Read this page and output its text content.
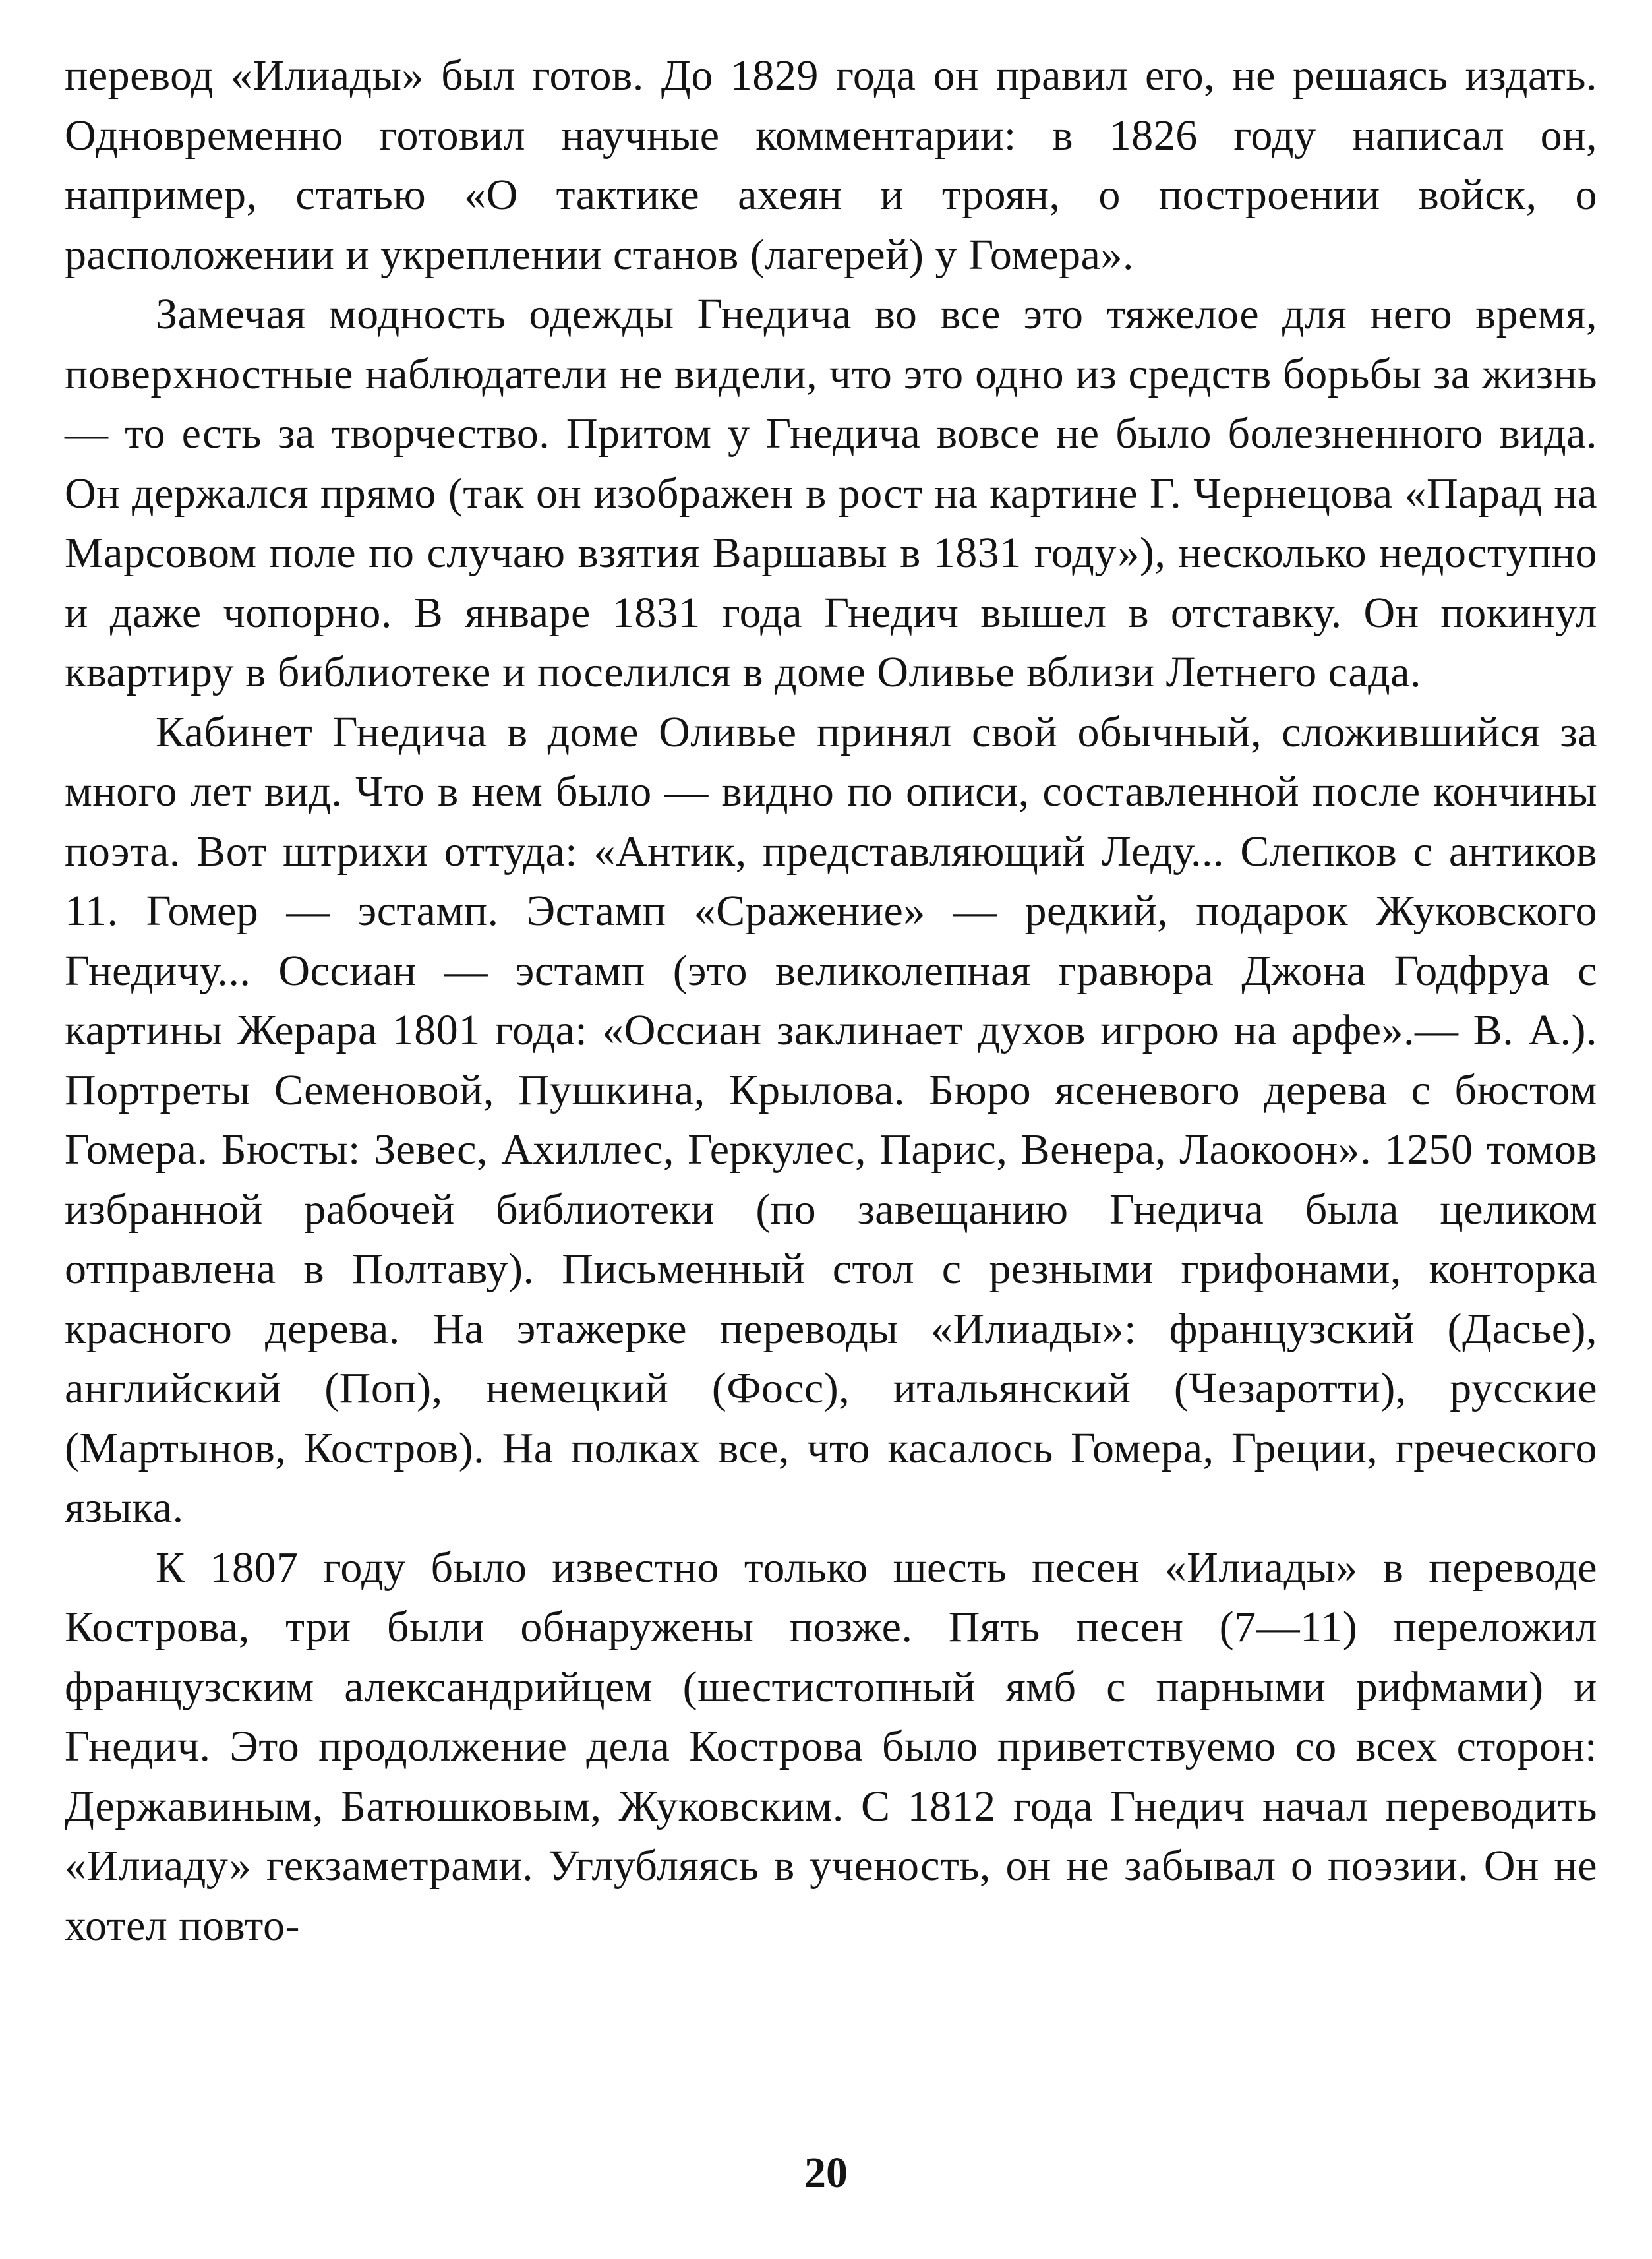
перевод «Илиады» был готов. До 1829 года он правил его, не решаясь издать. Одновременно готовил научные комментарии: в 1826 году написал он, например, статью «О тактике ахеян и троян, о построении войск, о расположении и укреплении станов (лагерей) у Гомера».

Замечая модность одежды Гнедича во все это тяжелое для него время, поверхностные наблюдатели не видели, что это одно из средств борьбы за жизнь — то есть за творчество. Притом у Гнедича вовсе не было болезненного вида. Он держался прямо (так он изображен в рост на картине Г. Чернецова «Парад на Марсовом поле по случаю взятия Варшавы в 1831 году»), несколько недоступно и даже чопорно. В январе 1831 года Гнедич вышел в отставку. Он покинул квартиру в библиотеке и поселился в доме Оливье вблизи Летнего сада.

Кабинет Гнедича в доме Оливье принял свой обычный, сложившийся за много лет вид. Что в нем было — видно по описи, составленной после кончины поэта. Вот штрихи оттуда: «Антик, представляющий Леду... Слепков с антиков 11. Гомер — эстамп. Эстамп «Сражение» — редкий, подарок Жуковского Гнедичу... Оссиан — эстамп (это великолепная гравюра Джона Годфруа с картины Жерара 1801 года: «Оссиан заклинает духов игрою на арфе».— В. А.). Портреты Семеновой, Пушкина, Крылова. Бюро ясеневого дерева с бюстом Гомера. Бюсты: Зевес, Ахиллес, Геркулес, Парис, Венера, Лаокоон». 1250 томов избранной рабочей библиотеки (по завещанию Гнедича была целиком отправлена в Полтаву). Письменный стол с резными грифонами, конторка красного дерева. На этажерке переводы «Илиады»: французский (Дасье), английский (Поп), немецкий (Фосс), итальянский (Чезаротти), русские (Мартынов, Костров). На полках все, что касалось Гомера, Греции, греческого языка.

К 1807 году было известно только шесть песен «Илиады» в переводе Кострова, три были обнаружены позже. Пять песен (7—11) переложил французским александрийцем (шестистопный ямб с парными рифмами) и Гнедич. Это продолжение дела Кострова было приветствуемо со всех сторон: Державиным, Батюшковым, Жуковским. С 1812 года Гнедич начал переводить «Илиаду» гекзаметрами. Углубляясь в ученость, он не забывал о поэзии. Он не хотел повто-

20
